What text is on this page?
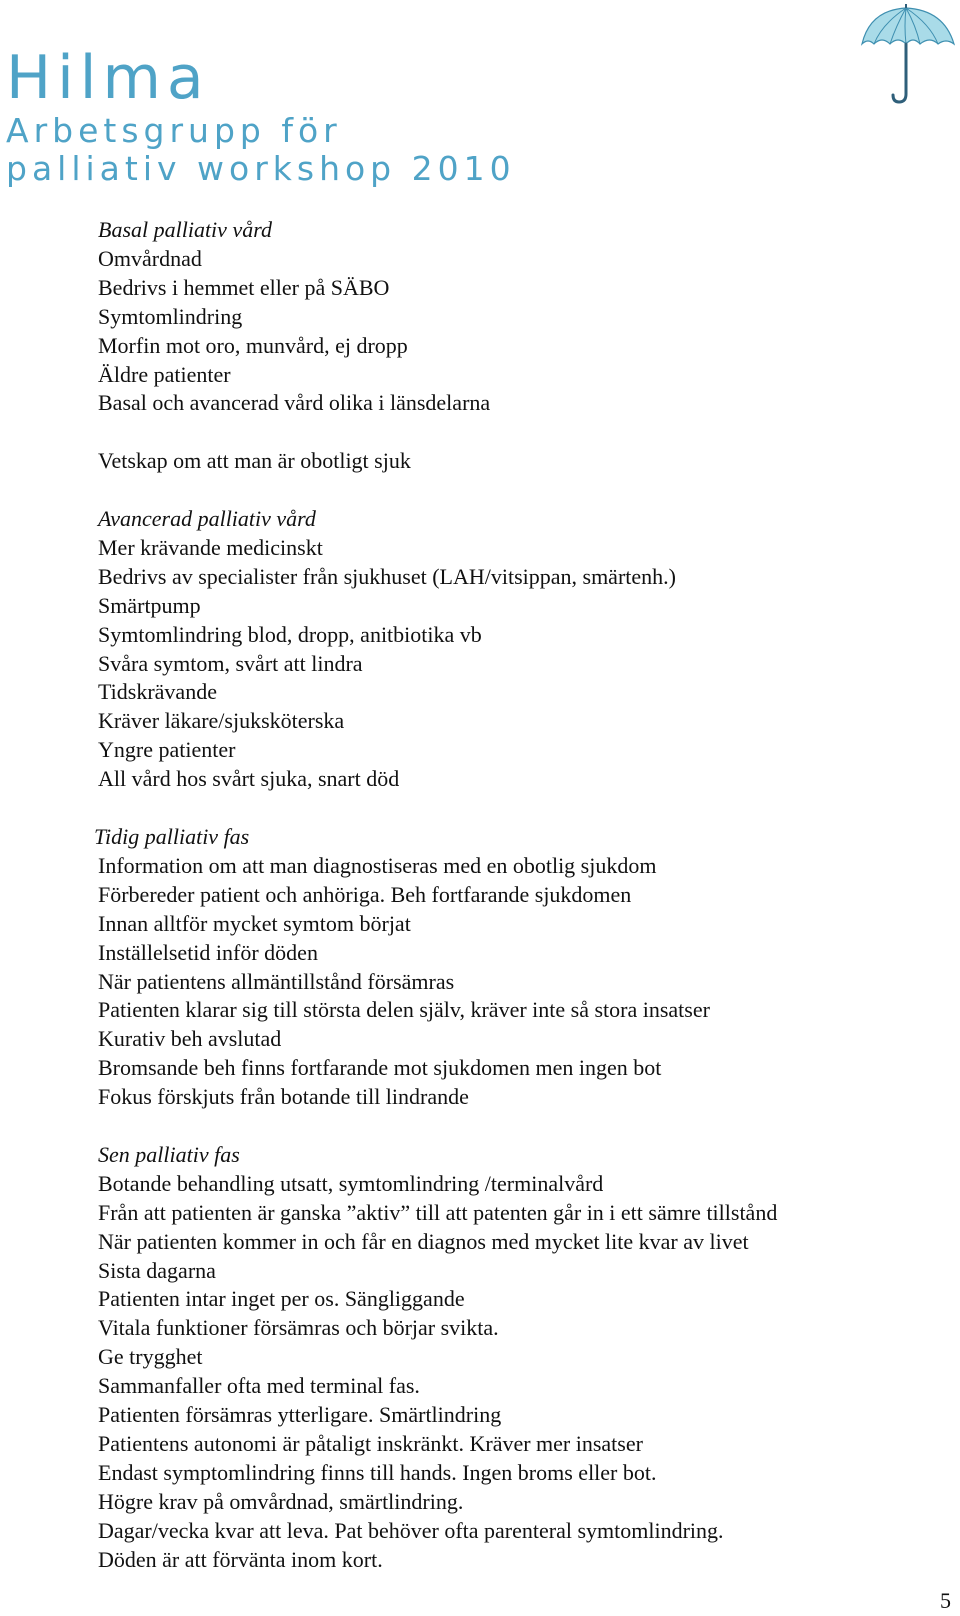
Hilma

Arbetsgrupp för

palliativ workshop 2010

Basal palliativ vård

Omvårdnad

Bedrivs i hemmet eller på SÄBO

Symtomlindring

Morfin mot oro, munvård, ej dropp

Äldre patienter

Basal och avancerad vård olika i länsdelarna

Vetskap om att man är obotligt sjuk

Avancerad palliativ vård

Mer krävande medicinskt

Bedrivs av specialister från sjukhuset (LAH/vitsippan, smärtenh.)

Smärtpump

Symtomlindring blod, dropp, anitbiotika vb

Svåra symtom, svårt att lindra

Tidskrävande

Kräver läkare/sjuksköterska

Yngre patienter

All vård hos svårt sjuka, snart död

Tidig palliativ fas

Information om att man diagnostiseras med en obotlig sjukdom

Förbereder patient och anhöriga. Beh fortfarande sjukdomen

Innan alltför mycket symtom börjat

Inställelsetid inför döden

När patientens allmäntillstånd försämras

Patienten klarar sig till största delen själv, kräver inte så stora insatser

Kurativ beh avslutad

Bromsande beh finns fortfarande mot sjukdomen men ingen bot

Fokus förskjuts från botande till lindrande

Sen palliativ fas

Botande behandling utsatt, symtomlindring /terminalvård

Från att patienten är ganska ”aktiv” till att patenten går in i ett sämre tillstånd

När patienten kommer in och får en diagnos med mycket lite kvar av livet

Sista dagarna

Patienten intar inget per os. Sängliggande

Vitala funktioner försämras och börjar svikta.

Ge trygghet

Sammanfaller ofta med terminal fas.

Patienten försämras ytterligare. Smärtlindring

Patientens autonomi är påtaligt inskränkt. Kräver mer insatser

Endast symptomlindring finns till hands. Ingen broms eller bot.

Högre krav på omvårdnad, smärtlindring.

Dagar/vecka kvar att leva. Pat behöver ofta parenteral symtomlindring.

Döden är att förvänta inom kort.

5
